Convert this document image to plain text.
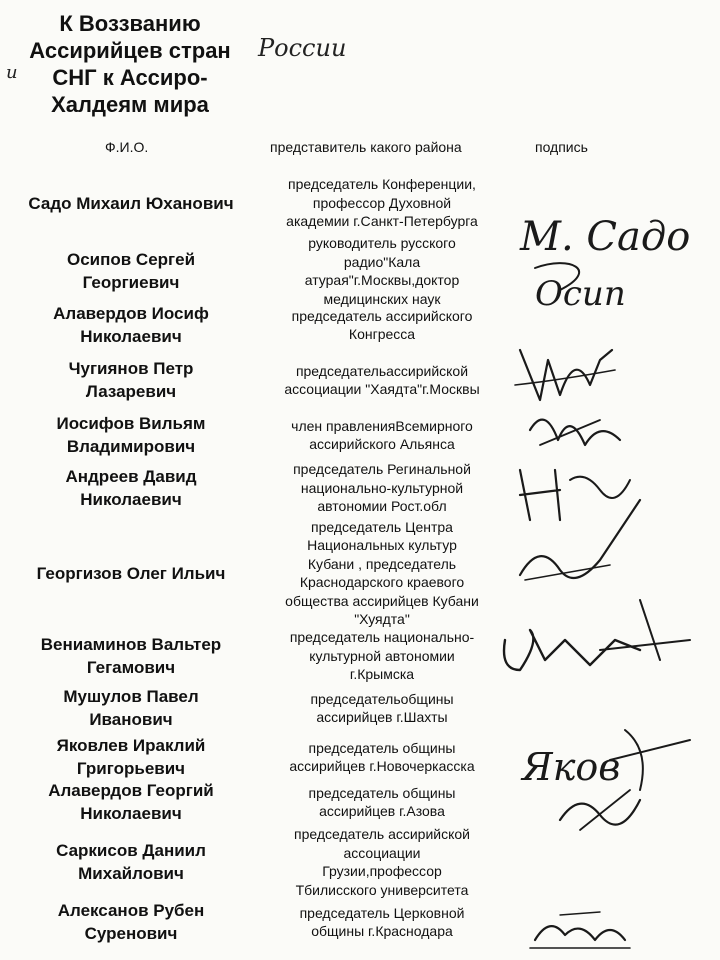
К Воззванию
Ассирийцев стран
СНГ к Ассиро-
Халдеям мира
России
и
Ф.И.О.	представитель какого района	подпись
Садо Михаил Юханович
председатель Конференции,
профессор Духовной
академии г.Санкт-Петербурга
Осипов Сергей
Георгиевич
руководитель русского
радио"Кала
атурая"г.Москвы,доктор
медицинских наук
Алавердов Иосиф
Николаевич
председатель ассирийского
Конгресса
Чугиянов Петр
Лазаревич
председательассирийской
ассоциации "Хаядта"г.Москвы
Иосифов Вильям
Владимирович
член правленияВсемирного
ассирийского Альянса
Андреев Давид
Николаевич
председатель Регинальной
национально-культурной
автономии Рост.обл
Георгизов Олег Ильич
председатель Центра
Национальных культур
Кубани , председатель
Краснодарского краевого
общества ассирийцев Кубани
"Хуядта"
Вениаминов Вальтер
Гегамович
председатель национально-
культурной автономии
г.Крымска
Мушулов Павел
Иванович
председательобщины
ассирийцев г.Шахты
Яковлев Ираклий
Григорьевич
председатель общины
ассирийцев г.Новочеркасска
Алавердов Георгий
Николаевич
председатель общины
ассирийцев г.Азова
Саркисов Даниил
Михайлович
председатель ассирийской
ассоциации
Грузии,профессор
Тбилисского университета
Алексанов Рубен
Суренович
председатель Церковной
общины г.Краснодара
М. Садо
Осип
Яков
